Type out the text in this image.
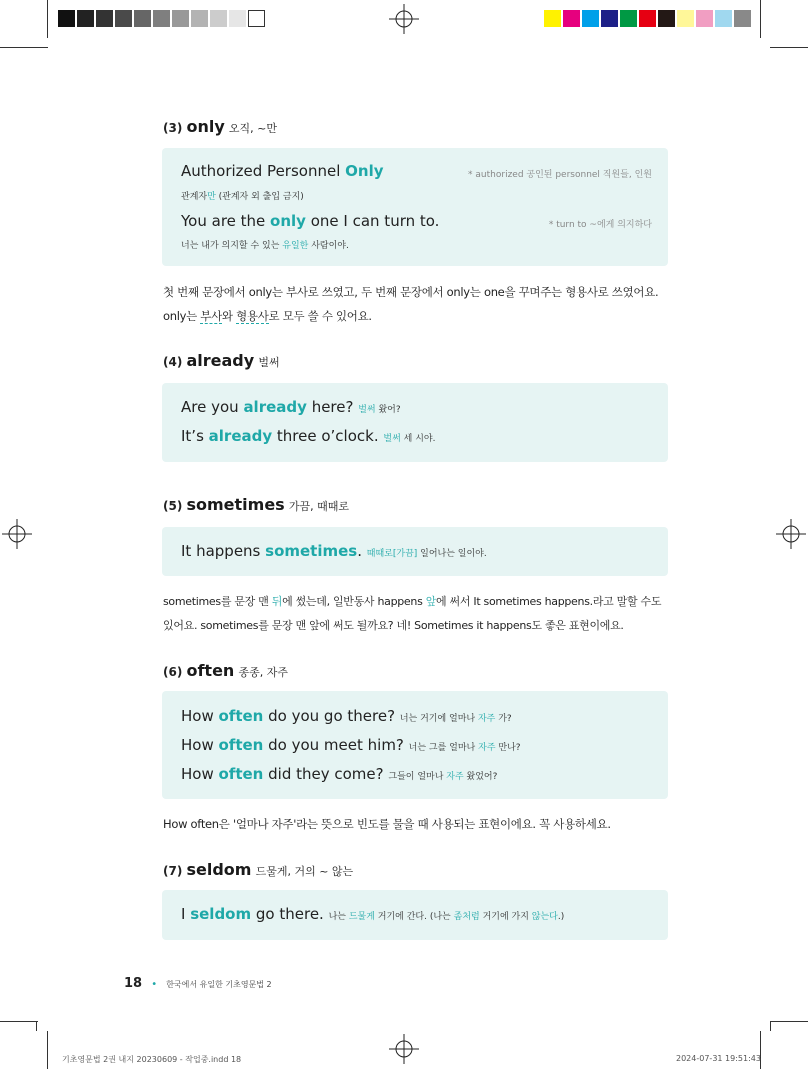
(3) only 오직, ~만
Authorized Personnel Only	* authorized 공인된 personnel 직원들, 인원
관계자만 (관계자 외 출입 금지)
You are the only one I can turn to.	* turn to ~에게 의지하다
너는 내가 의지할 수 있는 유일한 사람이야.
첫 번째 문장에서 only는 부사로 쓰였고, 두 번째 문장에서 only는 one을 꾸며주는 형용사로 쓰였어요.
only는 부사와 형용사로 모두 쓸 수 있어요.
(4) already 벌써
Are you already here? 벌써 왔어?
It’s already three o’clock. 벌써 세 시야.
(5) sometimes 가끔, 때때로
It happens sometimes. 때때로[가끔] 일어나는 일이야.
sometimes를 문장 맨 뒤에 썼는데, 일반동사 happens 앞에 써서 It sometimes happens.라고 말할 수도
있어요. sometimes를 문장 맨 앞에 써도 될까요? 네! Sometimes it happens도 좋은 표현이에요.
(6) often 종종, 자주
How often do you go there? 너는 거기에 얼마나 자주 가?
How often do you meet him? 너는 그를 얼마나 자주 만나?
How often did they come? 그들이 얼마나 자주 왔었어?
How often은 '얼마나 자주'라는 뜻으로 빈도를 물을 때 사용되는 표현이에요. 꼭 사용하세요.
(7) seldom 드물게, 거의 ~ 않는
I seldom go there. 나는 드물게 거기에 간다. (나는 좀처럼 거기에 가지 않는다.)
18 • 한국에서 유일한 기초영문법 2
기초영문법 2권 내지 20230609 - 작업중.indd 18	2024-07-31 19:51:43
